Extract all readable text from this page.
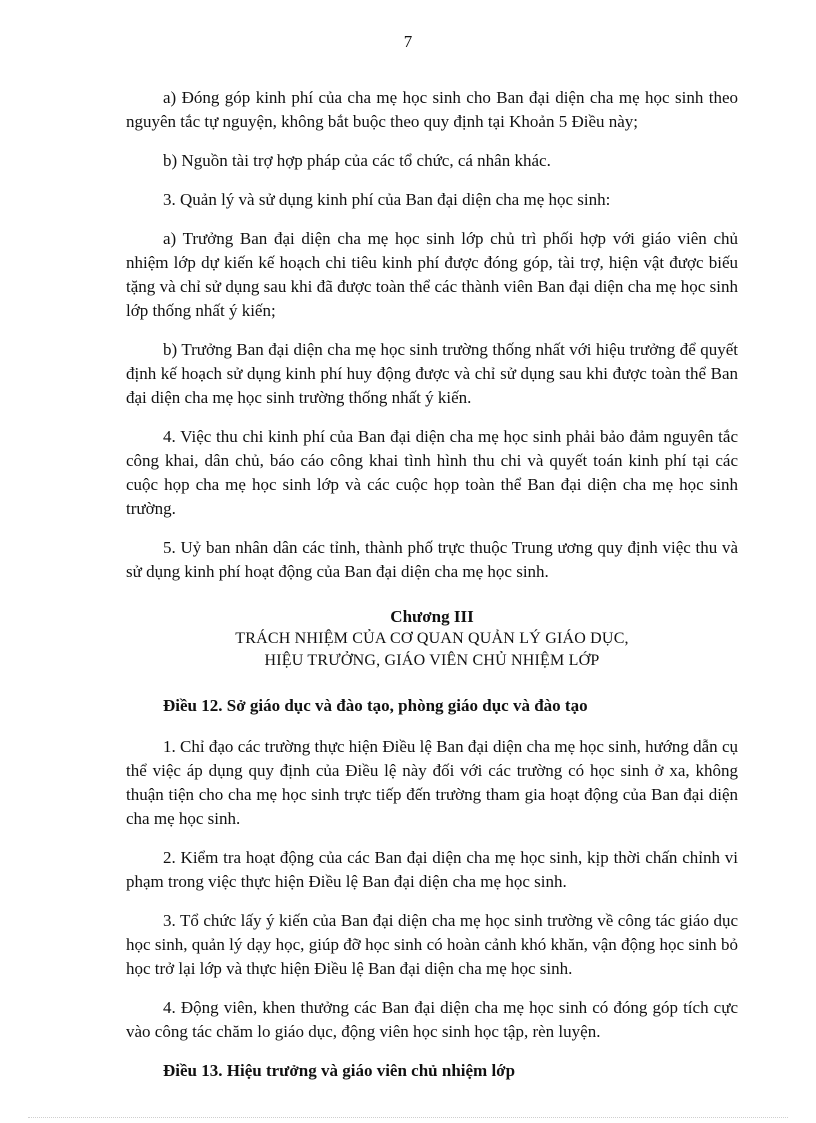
7

a) Đóng góp kinh phí của cha mẹ học sinh cho Ban đại diện cha mẹ học sinh theo nguyên tắc tự nguyện, không bắt buộc theo quy định tại Khoản 5 Điều này;

b) Nguồn tài trợ hợp pháp của các tổ chức, cá nhân khác.

3. Quản lý và sử dụng kinh phí của Ban đại diện cha mẹ học sinh:

a) Trưởng Ban đại diện cha mẹ học sinh lớp chủ trì phối hợp với giáo viên chủ nhiệm lớp dự kiến kế hoạch chi tiêu kinh phí được đóng góp, tài trợ, hiện vật được biếu tặng và chỉ sử dụng sau khi đã được toàn thể các thành viên Ban đại diện cha mẹ học sinh lớp thống nhất ý kiến;

b) Trưởng Ban đại diện cha mẹ học sinh trường thống nhất với hiệu trưởng để quyết định kế hoạch sử dụng kinh phí huy động được và chỉ sử dụng sau khi được toàn thể Ban đại diện cha mẹ học sinh trường thống nhất ý kiến.

4. Việc thu chi kinh phí của Ban đại diện cha mẹ học sinh phải bảo đảm nguyên tắc công khai, dân chủ, báo cáo công khai tình hình thu chi và quyết toán kinh phí tại các cuộc họp cha mẹ học sinh lớp và các cuộc họp toàn thể Ban đại diện cha mẹ học sinh trường.

5. Uỷ ban nhân dân các tỉnh, thành phố trực thuộc Trung ương quy định việc thu và sử dụng kinh phí hoạt động của Ban đại diện cha mẹ học sinh.

Chương III
TRÁCH NHIỆM CỦA CƠ QUAN QUẢN LÝ GIÁO DỤC,
HIỆU TRƯỞNG, GIÁO VIÊN CHỦ NHIỆM LỚP

Điều 12. Sở giáo dục và đào tạo, phòng giáo dục và đào tạo

1. Chỉ đạo các trường thực hiện Điều lệ Ban đại diện cha mẹ học sinh, hướng dẫn cụ thể việc áp dụng quy định của Điều lệ này đối với các trường có học sinh ở xa, không thuận tiện cho cha mẹ học sinh trực tiếp đến trường tham gia hoạt động của Ban đại diện cha mẹ học sinh.

2. Kiểm tra hoạt động của các Ban đại diện cha mẹ học sinh, kịp thời chấn chỉnh vi phạm trong việc thực hiện Điều lệ Ban đại diện cha mẹ học sinh.

3. Tổ chức lấy ý kiến của Ban đại diện cha mẹ học sinh trường về công tác giáo dục học sinh, quản lý dạy học, giúp đỡ học sinh có hoàn cảnh khó khăn, vận động học sinh bỏ học trở lại lớp và thực hiện Điều lệ Ban đại diện cha mẹ học sinh.

4. Động viên, khen thưởng các Ban đại diện cha mẹ học sinh có đóng góp tích cực vào công tác chăm lo giáo dục, động viên học sinh học tập, rèn luyện.

Điều 13. Hiệu trưởng và giáo viên chủ nhiệm lớp
